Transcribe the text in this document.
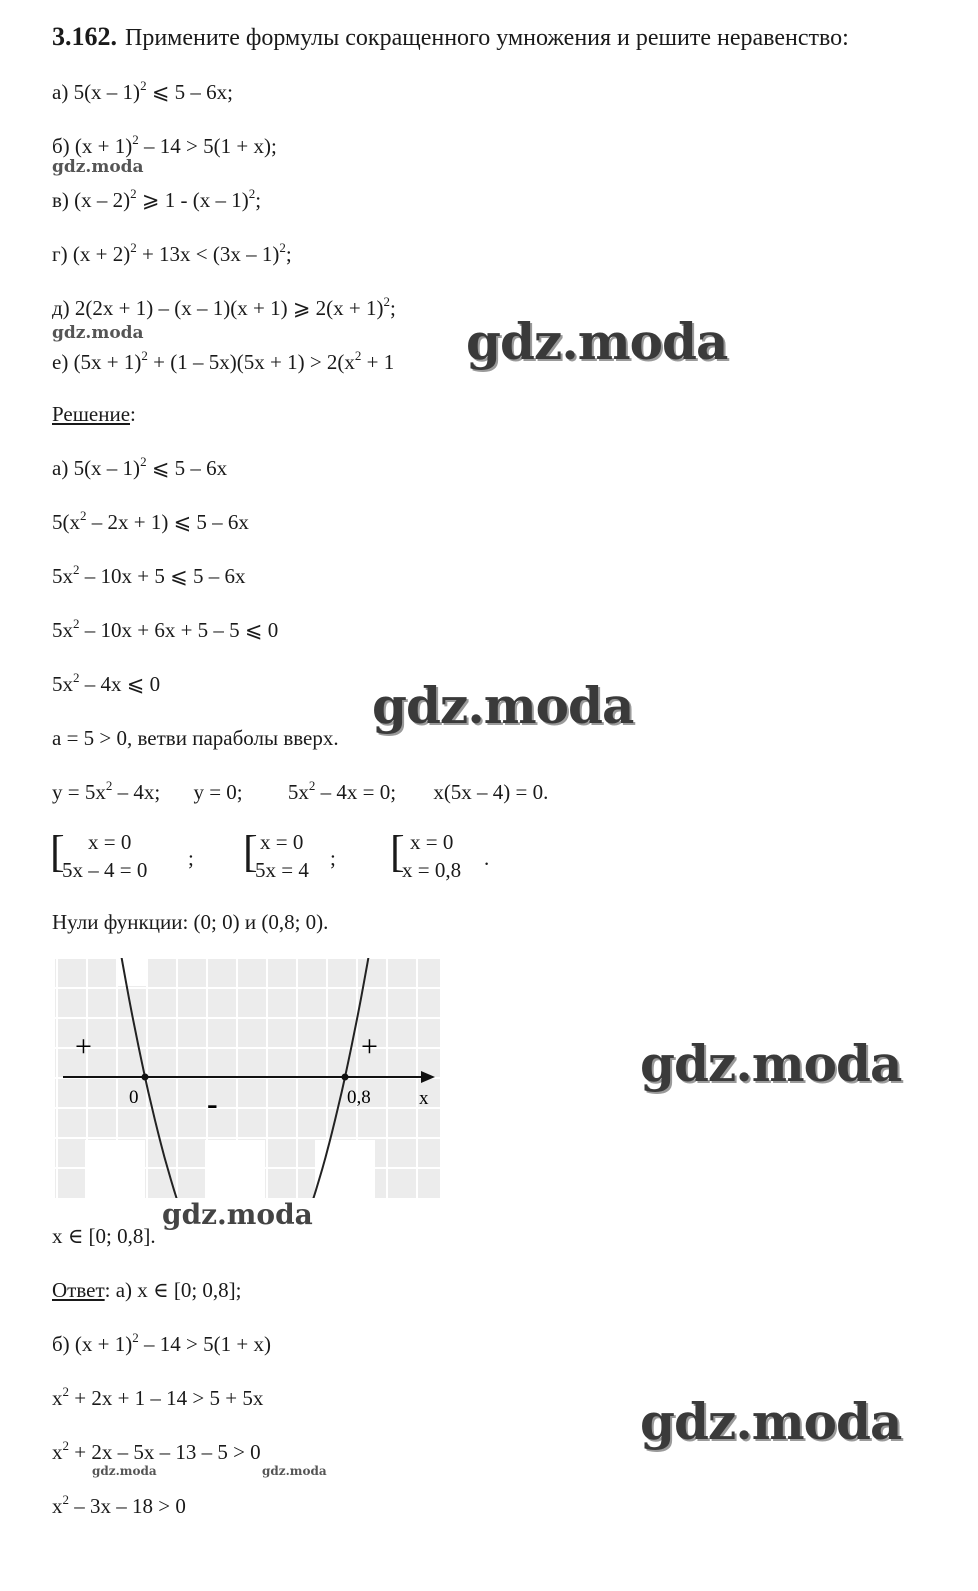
3.162. Примените формулы сокращенного умножения и решите неравенство:
а) 5(x – 1)$^2$ ⩽ 5 – 6x;
б) $(x + 1)^2 - 14 > 5(1 + x)$;
в) (x – 2)$^2$ ⩾ 1 - (x – 1)$^2$;
г) $(x + 2)^2 + 13x < (3x - 1)^2$;
д) 2(2x + 1) – (x – 1)(x + 1) ⩾ $2(x + 1)^2$;
е) $(5x + 1)^2 + (1 - 5x)(5x + 1) > 2(x^2 + 1$
Решение:
а) 5(x – 1)$^2$ ⩽ 5 – 6x
$5(x^2 - 2x + 1)$ ⩽ 5 – 6x
$5x^2 - 10x + 5$ ⩽ 5 – 6x
$5x^2 - 10x + 6x + 5 - 5$ ⩽ 0
$5x^2 - 4x$ ⩽ 0
a = 5 > 0, ветви параболы вверх.
$y = 5x^2 - 4x$; y = 0; $5x^2 - 4x = 0$; x(5x – 4) = 0.
[	x = 0
5x – 4 = 0 ; [ x = 0
5x = 4 ; [ x = 0
x = 0,8 .
Нули функции: (0; 0) и (0,8; 0).
0	0,8	x
+
-
+
x ∈ [0; 0,8].
Ответ: а) x ∈ [0; 0,8];
б) $(x + 1)^2 - 14 > 5(1 + x)$
$x^2 + 2x + 1 - 14 > 5 + 5x$
$x^2 + 2x - 5x - 13 - 5 > 0$
$x^2 - 3x - 18 > 0$
gdz.moda
gdz.moda	gdz.moda
gdz.moda
gdz.moda
gdz.moda
gdz.moda
gdz.moda	gdz.moda
